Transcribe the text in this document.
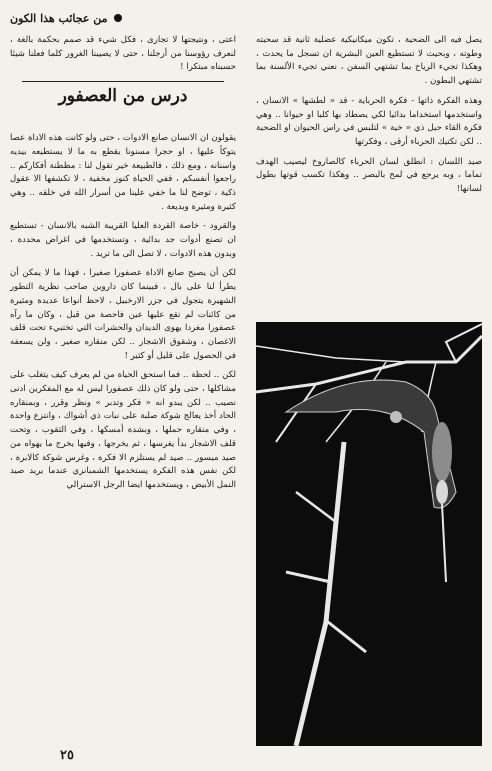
من عجائب هذا الكون

يصل فيه الى الضحية ، تكون ميكانيكية عضلية ثانية قد سحبته وطوته ، وبحيث لا تستطيع العين البشرية ان تسجل ما يحدث ، وهكذا تجيء الرياح بما تشتهي السفن ، نعني تجيء الألسنة بما تشتهي البطون .

وهذه الفكرة ذاتها - فكرة الحرباية - قد « لطشها » الانسان ، واستخدمها استخداما بدائيا لكي يصطاد بها كلبا او حيوانا .. وهي فكرة القاء حبل ذي « خية » لتلبس في راس الحيوان او الضحية .. لكن تكتيك الحرباء أرقى ، وفكرتها

صيد اللسان : انطلق لسان الحرباء كالصاروخ ليصيب الهدف تماما ، وبه يرجع في لمح بالبصر .. وهكذا تكسب قوتها بطول لسانها!

اعتى ، ونتيجتها لا تجارى ، فكل شيء قد صمم بحكمة بالغة ، لنعرف رؤوسنا من أرجلنا ، حتى لا يصيبنا الغرور كلما فعلنا شيئا حسبناه مبتكرا !

درس من العصفور

يقولون ان الانسان صانع الادوات ، حتى ولو كانت هذه الاداة عصا يتوكأ عليها ، او حجرا مسنونا يقطع به ما لا يستطيعه بيديه واسنانه ، ومع ذلك ، فالطبيعة خير تقول لنا : مظطنة أفكاركم .. راجعوا أنفسكم ، ففي الحياة كنوز مخفية ، لا تكشفها الا عقول ذكية ، توضح لنا ما خفي علينا من أسرار الله في خلقه .. وهي كثيرة ومثيرة وبديعة .

والقرود - خاصة القردة العليا القريبة الشبه بالانسان - تستطيع ان تصنع أدوات جد بدائية ، وتستخدمها في اغراض محددة ، وبدون هذه الادوات ، لا تصل الى ما تريد .

لكن أن يصبح صانع الاداة عصفورا صغيرا ، فهذا ما لا يمكن أن يطرأ لنا على بال ، فبينما كان داروين صاحب نظرية التطور الشهيرة يتجول في جزر الارخبيل ، لاحظ أنواعا عديدة ومثيرة من كائنات لم تقع عليها عين فاحصة من قبل ، وكان ما رآه عصفورا مغردا يهوى الديدان والحشرات التي تختبيء تحت قلف الاغصان ، وشقوق الاشجار .. لكن منقاره صغير ، ولن يسعفه في الحصول على قليل أو كثير !

لكن .. لحظة .. فما استحق الحياة من لم يعرف كيف يتغلب على مشاكلها ، حتى ولو كان ذلك عصفورا ليس له مع المفكرين ادنى نصيب .. لكن يبدو انه « فكر وتدبر » ونظر وقرر ، وبمنقاره الحاد أخذ يعالج شوكة صلبة على نبات ذي أشواك ، وانتزع واحدة ، وفي منقاره حملها ، وبشدة أمسكها ، وفي الثقوب ، وتحت قلف الاشجار بدأ يغرسها ، ثم يخرجها ، وفيها يخرج ما يهواه من صيد ميسور .. صيد لم يستلزم الا فكرة ، وغرس شوكة كالابرة ، لكن نفس هذه الفكرة يستخدمها الشمبانزي عندما يريد صيد النمل الأبيض ، ويستخدمها ايضا الرجل الاسترالي

٢٥
